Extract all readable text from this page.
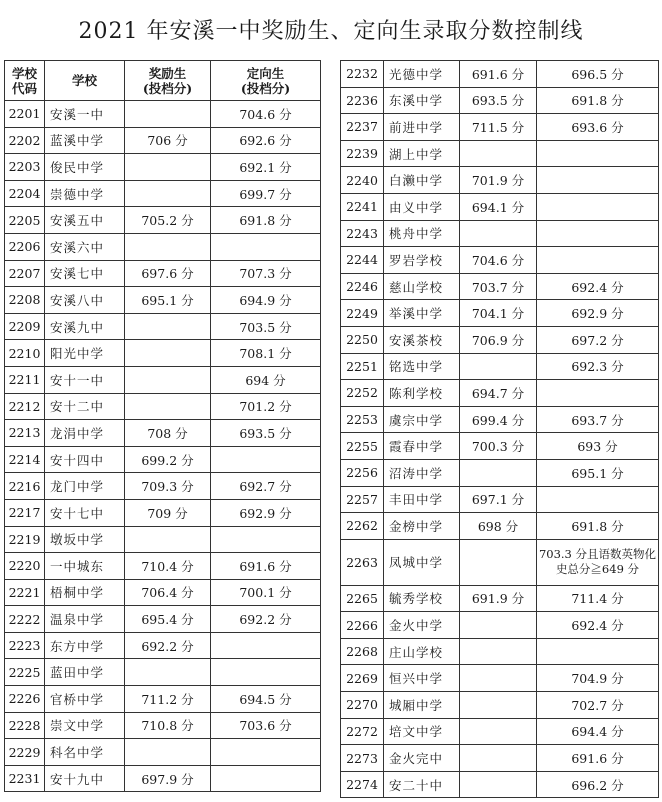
2021 年安溪一中奖励生、定向生录取分数控制线
学校
代码	学校	奖励生
(投档分)	定向生
(投档分)

2201	安溪一中		704.6 分
2202	蓝溪中学	706 分	692.6 分
2203	俊民中学		692.1 分
2204	崇德中学		699.7 分
2205	安溪五中	705.2 分	691.8 分
2206	安溪六中		
2207	安溪七中	697.6 分	707.3 分
2208	安溪八中	695.1 分	694.9 分
2209	安溪九中		703.5 分
2210	阳光中学		708.1 分
2211	安十一中		694 分
2212	安十二中		701.2 分
2213	龙涓中学	708 分	693.5 分
2214	安十四中	699.2 分	
2216	龙门中学	709.3 分	692.7 分
2217	安十七中	709 分	692.9 分
2219	墩坂中学		
2220	一中城东	710.4 分	691.6 分
2221	梧桐中学	706.4 分	700.1 分
2222	温泉中学	695.4 分	692.2 分
2223	东方中学	692.2 分	
2225	蓝田中学		
2226	官桥中学	711.2 分	694.5 分
2228	崇文中学	710.8 分	703.6 分
2229	科名中学		
2231	安十九中	697.9 分	
2232	光德中学	691.6 分	696.5 分
2236	东溪中学	693.5 分	691.8 分
2237	前进中学	711.5 分	693.6 分
2239	湖上中学		
2240	白濑中学	701.9 分	
2241	由义中学	694.1 分	
2243	桃舟中学		
2244	罗岩学校	704.6 分	
2246	慈山学校	703.7 分	692.4 分
2249	举溪中学	704.1 分	692.9 分
2250	安溪茶校	706.9 分	697.2 分
2251	铭选中学		692.3 分
2252	陈利学校	694.7 分	
2253	虞宗中学	699.4 分	693.7 分
2255	霞春中学	700.3 分	693 分
2256	沼涛中学		695.1 分
2257	丰田中学	697.1 分	
2262	金榜中学	698 分	691.8 分
2263	凤城中学		703.3 分且语数英物化史总分≧649 分
2265	毓秀学校	691.9 分	711.4 分
2266	金火中学		692.4 分
2268	庄山学校		
2269	恒兴中学		704.9 分
2270	城厢中学		702.7 分
2272	培文中学		694.4 分
2273	金火完中		691.6 分
2274	安二十中		696.2 分
